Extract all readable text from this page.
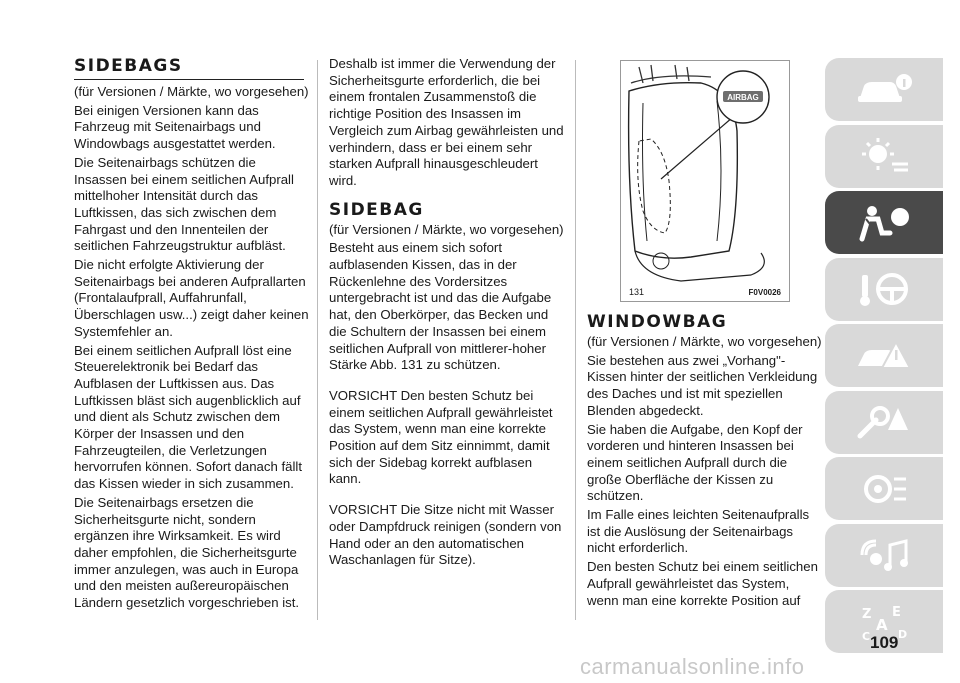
SIDEBAGS

(für Versionen / Märkte, wo vorgesehen)

Bei einigen Versionen kann das Fahrzeug mit Seitenairbags und Windowbags ausgestattet werden.

Die Seitenairbags schützen die Insassen bei einem seitlichen Aufprall mittelhoher Intensität durch das Luftkissen, das sich zwischen dem Fahrgast und den Innenteilen der seitlichen Fahrzeugstruktur aufbläst.

Die nicht erfolgte Aktivierung der Seitenairbags bei anderen Aufprallarten (Frontalaufprall, Auffahrunfall, Überschlagen usw...) zeigt daher keinen Systemfehler an.

Bei einem seitlichen Aufprall löst eine Steuerelektronik bei Bedarf das Aufblasen der Luftkissen aus. Das Luftkissen bläst sich augenblicklich auf und dient als Schutz zwischen dem Körper der Insassen und den Fahrzeugteilen, die Verletzungen hervorrufen können. Sofort danach fällt das Kissen wieder in sich zusammen.

Die Seitenairbags ersetzen die Sicherheitsgurte nicht, sondern ergänzen ihre Wirksamkeit. Es wird daher empfohlen, die Sicherheitsgurte immer anzulegen, was auch in Europa und den meisten außereuropäischen Ländern gesetzlich vorgeschrieben ist.

Deshalb ist immer die Verwendung der Sicherheitsgurte erforderlich, die bei einem frontalen Zusammenstoß die richtige Position des Insassen im Vergleich zum Airbag gewährleisten und verhindern, dass er bei einem sehr starken Aufprall hinausgeschleudert wird.

SIDEBAG

(für Versionen / Märkte, wo vorgesehen)

Besteht aus einem sich sofort aufblasenden Kissen, das in der Rückenlehne des Vordersitzes untergebracht ist und das die Aufgabe hat, den Oberkörper, das Becken und die Schultern der Insassen bei einem seitlichen Aufprall von mittlerer-hoher Stärke Abb. 131 zu schützen.

VORSICHT Den besten Schutz bei einem seitlichen Aufprall gewährleistet das System, wenn man eine korrekte Position auf dem Sitz einnimmt, damit sich der Sidebag korrekt aufblasen kann.

VORSICHT Die Sitze nicht mit Wasser oder Dampfdruck reinigen (sondern von Hand oder an den automatischen Waschanlagen für Sitze).

AIRBAG
131	F0V0026
WINDOWBAG

(für Versionen / Märkte, wo vorgesehen)

Sie bestehen aus zwei „Vorhang"-Kissen hinter der seitlichen Verkleidung des Daches und ist mit speziellen Blenden abgedeckt.

Sie haben die Aufgabe, den Kopf der vorderen und hinteren Insassen bei einem seitlichen Aufprall durch die große Oberfläche der Kissen zu schützen.

Im Falle eines leichten Seitenaufpralls ist die Auslösung der Seitenairbags nicht erforderlich.

Den besten Schutz bei einem seitlichen Aufprall gewährleistet das System, wenn man eine korrekte Position auf

Z E
A
C	D
109
carmanualsonline.info
